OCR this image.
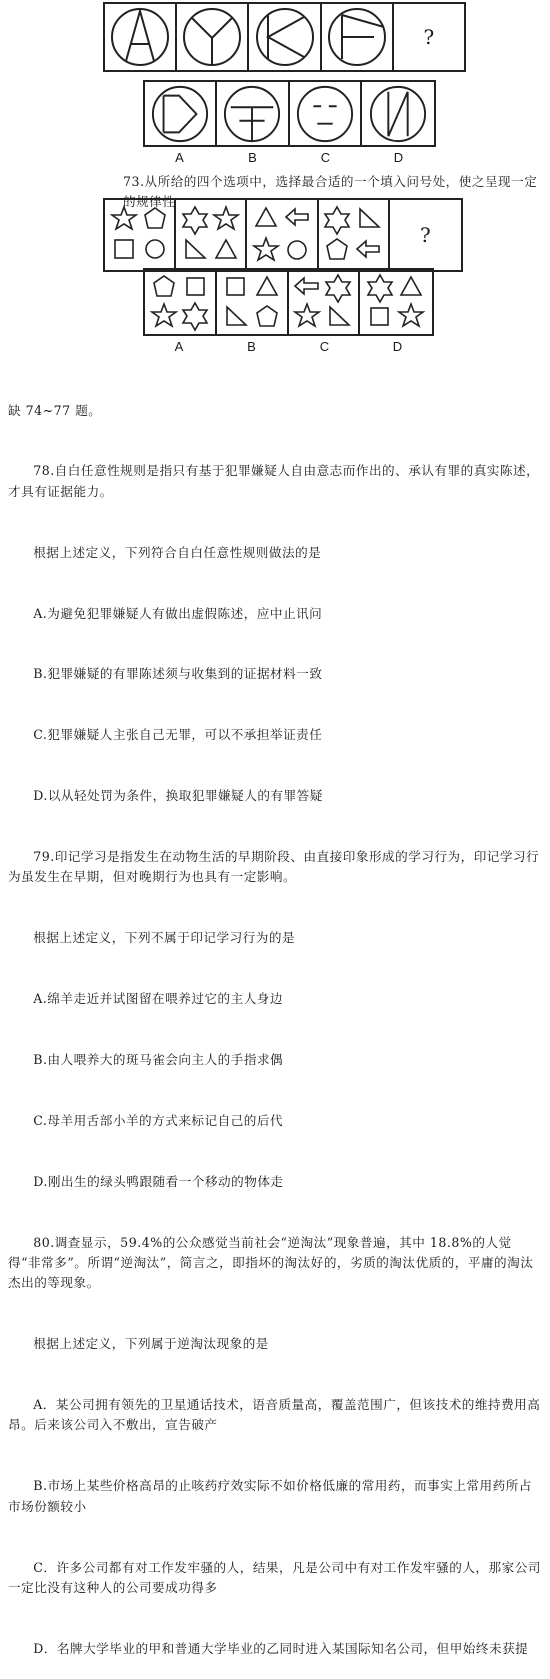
?
A	B	C	D
73.从所给的四个选项中，选择最合适的一个填入问号处，使之呈现一定的规律性
?
A	B	C	D

缺 74~77 题。

78.自白任意性规则是指只有基于犯罪嫌疑人自由意志而作出的、承认有罪的真实陈述，才具有证据能力。

根据上述定义，下列符合自白任意性规则做法的是

A.为避免犯罪嫌疑人有做出虚假陈述，应中止讯问

B.犯罪嫌疑的有罪陈述须与收集到的证据材料一致

C.犯罪嫌疑人主张自己无罪，可以不承担举证责任

D.以从轻处罚为条件，换取犯罪嫌疑人的有罪答疑

79.印记学习是指发生在动物生活的早期阶段、由直接印象形成的学习行为，印记学习行为虽发生在早期，但对晚期行为也具有一定影响。

根据上述定义，下列不属于印记学习行为的是

A.绵羊走近并试图留在喂养过它的主人身边

B.由人喂养大的斑马雀会向主人的手指求偶

C.母羊用舌部小羊的方式来标记自己的后代

D.刚出生的绿头鸭跟随看一个移动的物体走

80.调查显示，59.4%的公众感觉当前社会“逆淘汰”现象普遍，其中 18.8%的人觉得“非常多”。所谓“逆淘汰”，简言之，即指坏的淘汰好的，劣质的淘汰优质的，平庸的淘汰杰出的等现象。

根据上述定义，下列属于逆淘汰现象的是

A．某公司拥有领先的卫星通话技术，语音质量高，覆盖范围广，但该技术的维持费用高昂。后来该公司入不敷出，宣告破产

B.市场上某些价格高昂的止咳药疗效实际不如价格低廉的常用药，而事实上常用药所占市场份额较小

C．许多公司都有对工作发牢骚的人，结果，凡是公司中有对工作发牢骚的人，那家公司一定比没有这种人的公司要成功得多

D．名牌大学毕业的甲和普通大学毕业的乙同时进入某国际知名公司，但甲始终未获提
